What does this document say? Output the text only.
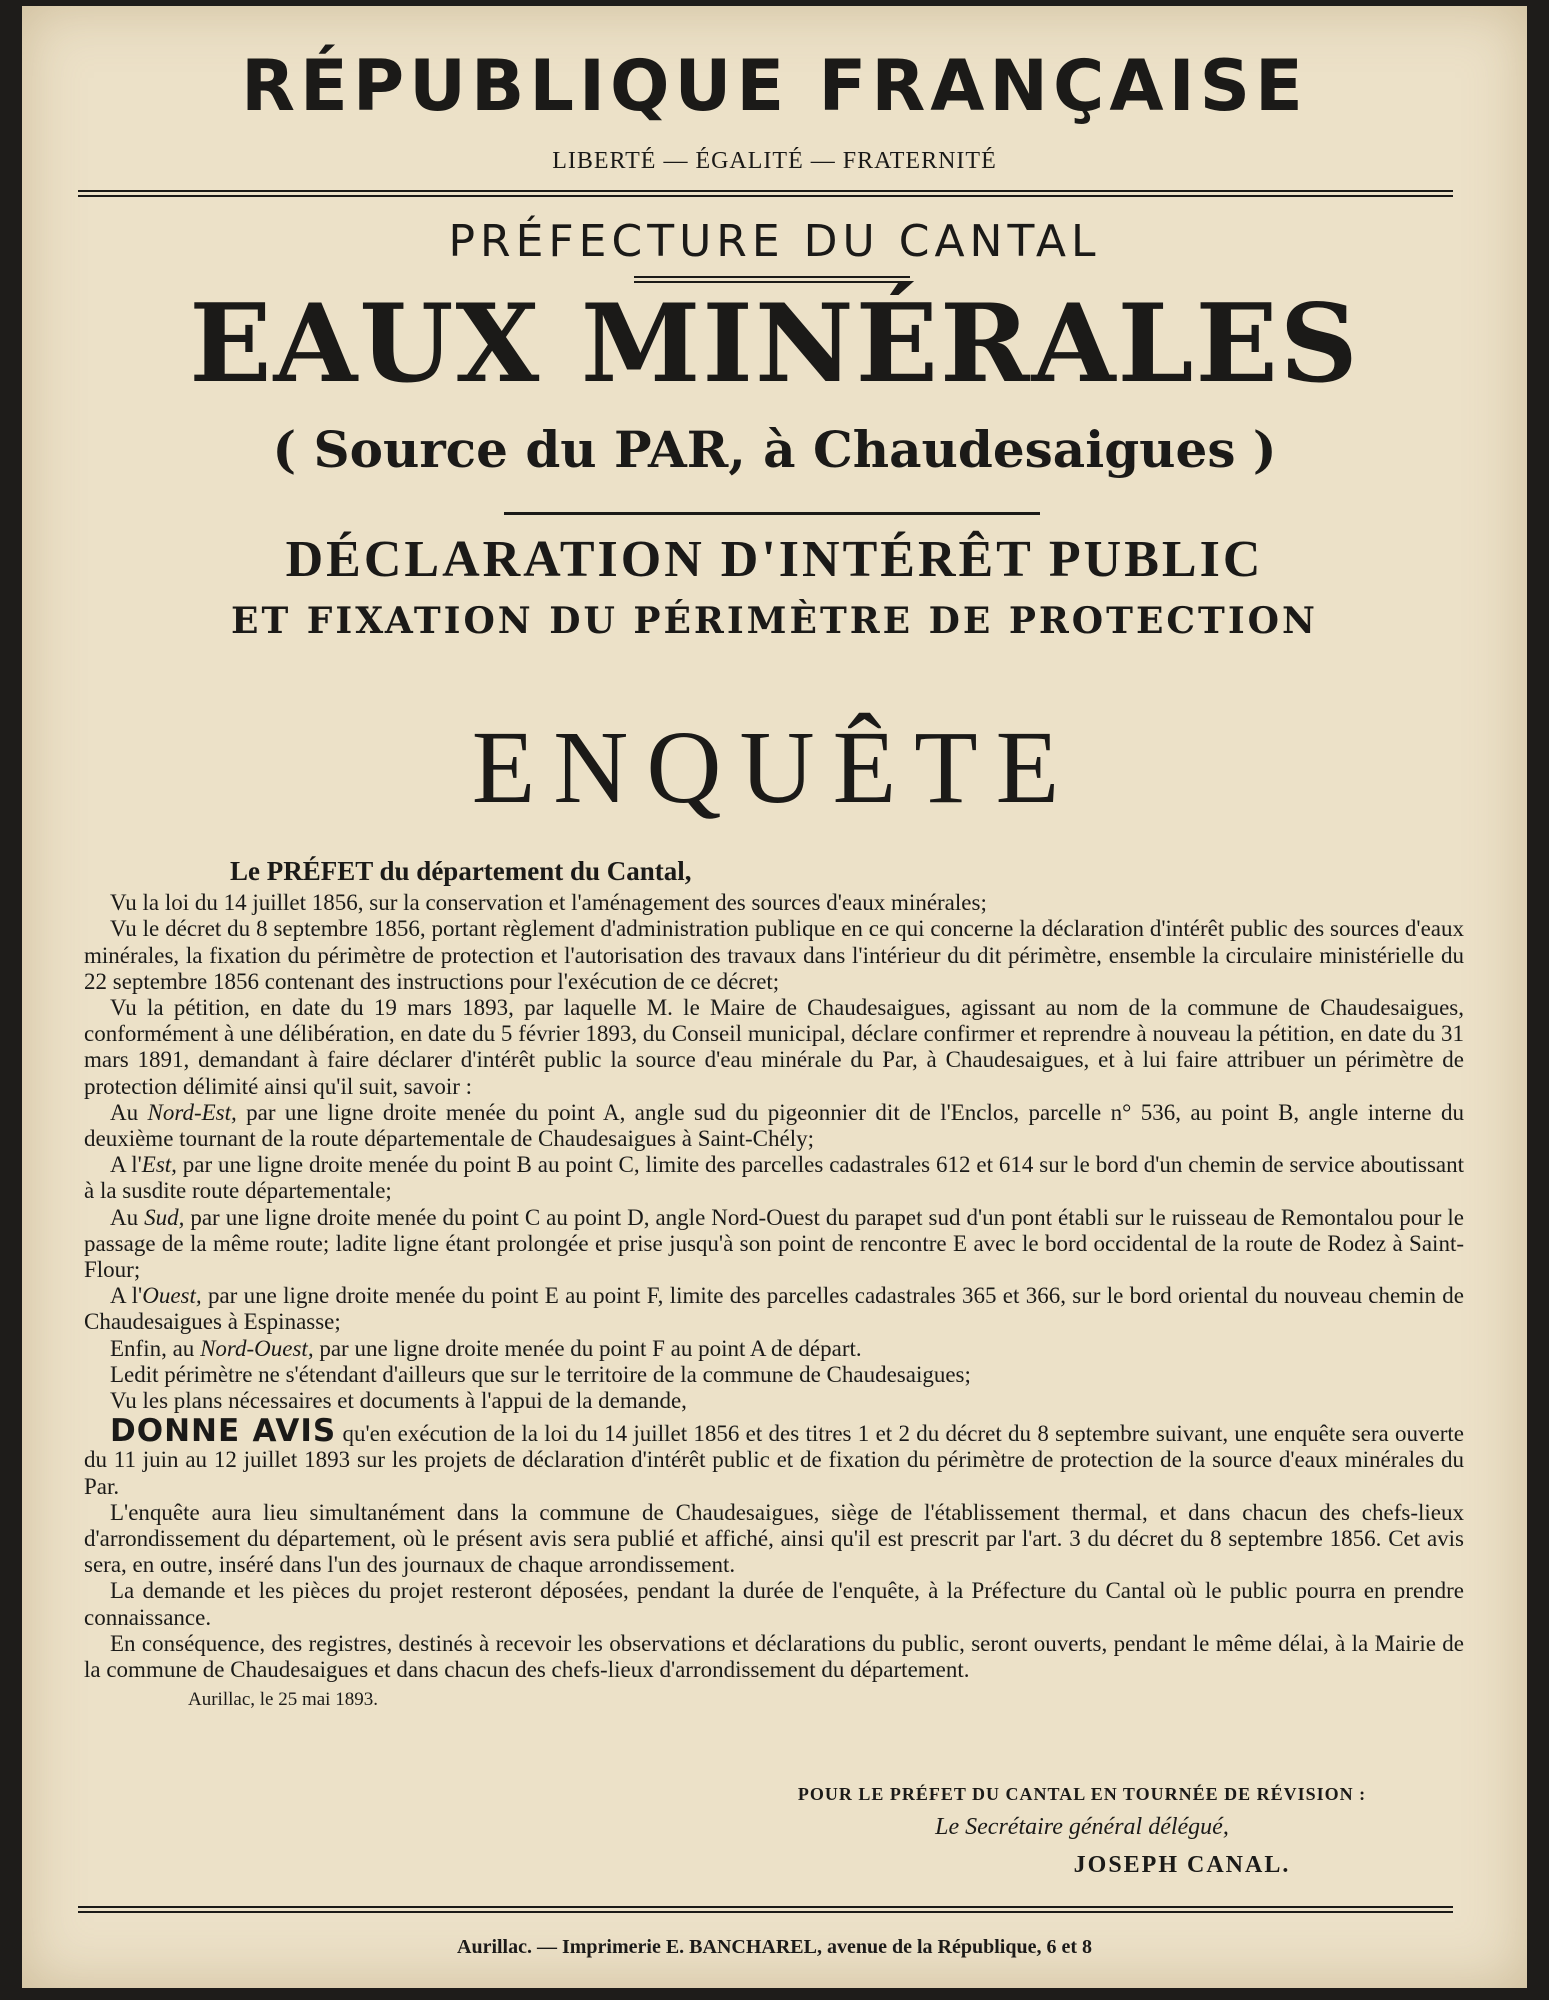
RÉPUBLIQUE FRANÇAISE
LIBERTÉ — ÉGALITÉ — FRATERNITÉ
PRÉFECTURE DU CANTAL
EAUX MINÉRALES
( Source du PAR, à Chaudesaigues )
DÉCLARATION D'INTÉRÊT PUBLIC
ET FIXATION DU PÉRIMÈTRE DE PROTECTION
ENQUÊTE

Le PRÉFET du département du Cantal,

Vu la loi du 14 juillet 1856, sur la conservation et l'aménagement des sources d'eaux minérales;

Vu le décret du 8 septembre 1856, portant règlement d'administration publique en ce qui concerne la déclaration d'intérêt public des sources d'eaux minérales, la fixation du périmètre de protection et l'autorisation des travaux dans l'intérieur du dit périmètre, ensemble la circulaire ministérielle du 22 septembre 1856 contenant des instructions pour l'exécution de ce décret;

Vu la pétition, en date du 19 mars 1893, par laquelle M. le Maire de Chaudesaigues, agissant au nom de la commune de Chaudesaigues, conformément à une délibération, en date du 5 février 1893, du Conseil municipal, déclare confirmer et reprendre à nouveau la pétition, en date du 31 mars 1891, demandant à faire déclarer d'intérêt public la source d'eau minérale du Par, à Chaudesaigues, et à lui faire attribuer un périmètre de protection délimité ainsi qu'il suit, savoir :

Au Nord-Est, par une ligne droite menée du point A, angle sud du pigeonnier dit de l'Enclos, parcelle n° 536, au point B, angle interne du deuxième tournant de la route départementale de Chaudesaigues à Saint-Chély;

A l'Est, par une ligne droite menée du point B au point C, limite des parcelles cadastrales 612 et 614 sur le bord d'un chemin de service aboutissant à la susdite route départementale;

Au Sud, par une ligne droite menée du point C au point D, angle Nord-Ouest du parapet sud d'un pont établi sur le ruisseau de Remontalou pour le passage de la même route; ladite ligne étant prolongée et prise jusqu'à son point de rencontre E avec le bord occidental de la route de Rodez à Saint-Flour;

A l'Ouest, par une ligne droite menée du point E au point F, limite des parcelles cadastrales 365 et 366, sur le bord oriental du nouveau chemin de Chaudesaigues à Espinasse;

Enfin, au Nord-Ouest, par une ligne droite menée du point F au point A de départ.

Ledit périmètre ne s'étendant d'ailleurs que sur le territoire de la commune de Chaudesaigues;

Vu les plans nécessaires et documents à l'appui de la demande,

DONNE AVIS qu'en exécution de la loi du 14 juillet 1856 et des titres 1 et 2 du décret du 8 septembre suivant, une enquête sera ouverte du 11 juin au 12 juillet 1893 sur les projets de déclaration d'intérêt public et de fixation du périmètre de protection de la source d'eaux minérales du Par.

L'enquête aura lieu simultanément dans la commune de Chaudesaigues, siège de l'établissement thermal, et dans chacun des chefs-lieux d'arrondissement du département, où le présent avis sera publié et affiché, ainsi qu'il est prescrit par l'art. 3 du décret du 8 septembre 1856. Cet avis sera, en outre, inséré dans l'un des journaux de chaque arrondissement.

La demande et les pièces du projet resteront déposées, pendant la durée de l'enquête, à la Préfecture du Cantal où le public pourra en prendre connaissance.

En conséquence, des registres, destinés à recevoir les observations et déclarations du public, seront ouverts, pendant le même délai, à la Mairie de la commune de Chaudesaigues et dans chacun des chefs-lieux d'arrondissement du département.

Aurillac, le 25 mai 1893.

POUR LE PRÉFET DU CANTAL EN TOURNÉE DE RÉVISION :
Le Secrétaire général délégué,
JOSEPH CANAL.
Aurillac. — Imprimerie E. BANCHAREL, avenue de la République, 6 et 8
